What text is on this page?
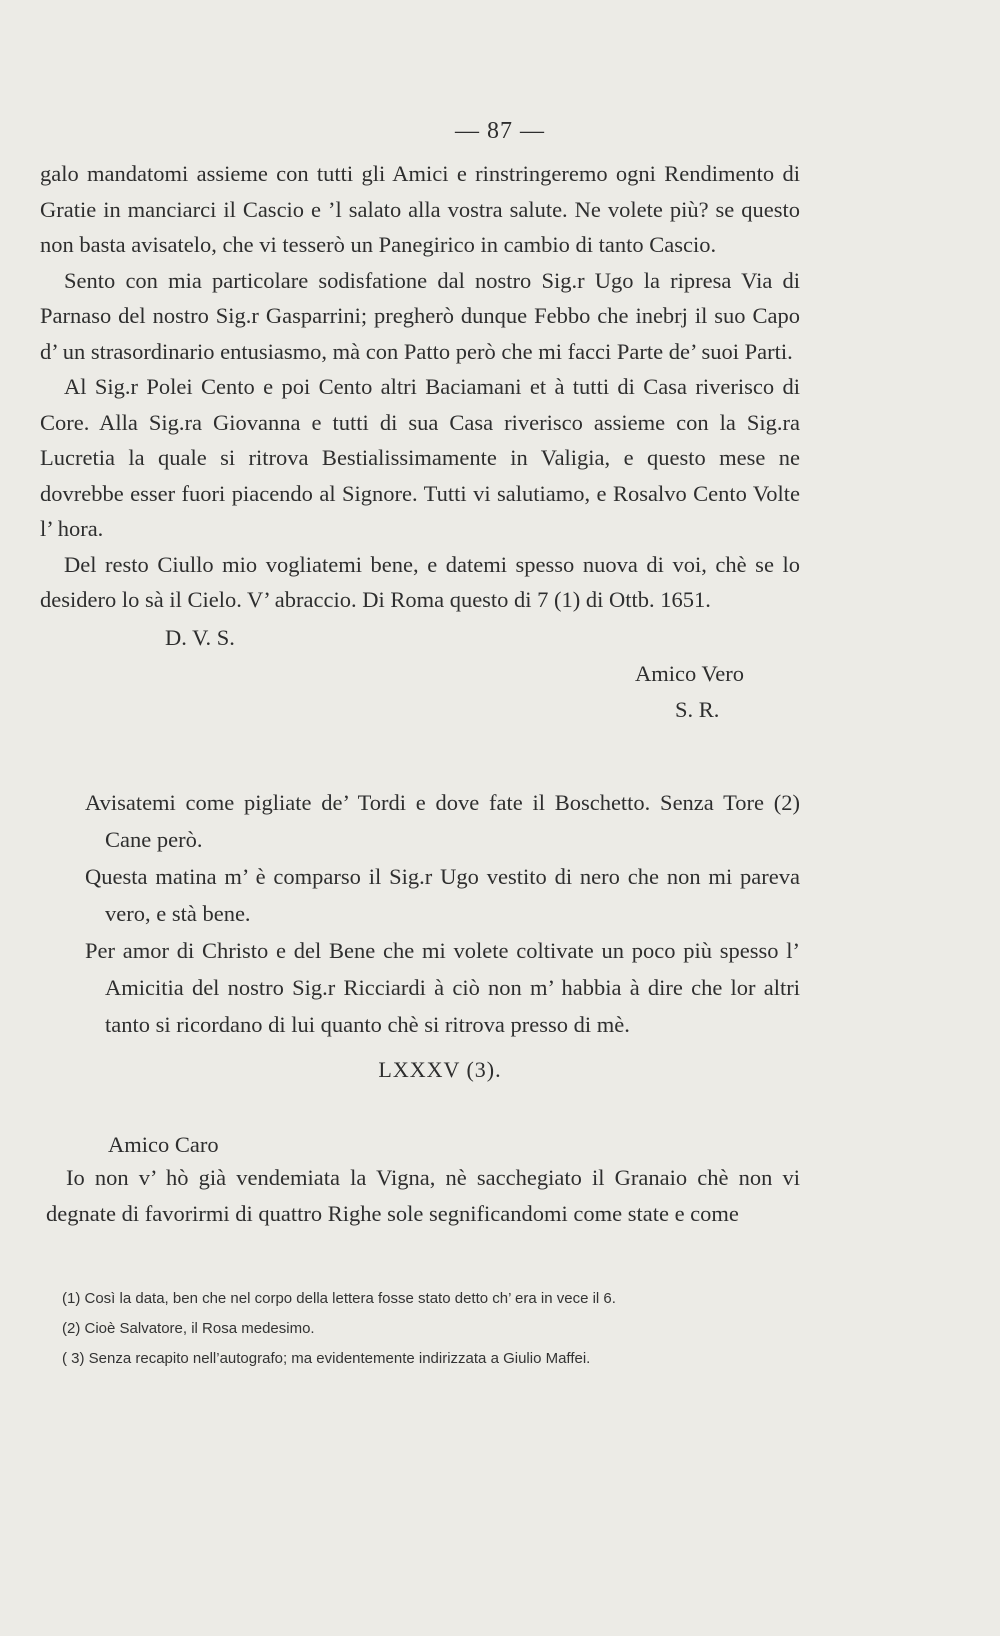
— 87 —

galo mandatomi assieme con tutti gli Amici e rinstringeremo ogni Rendimento di Gratie in manciarci il Cascio e ’l salato alla vostra salute. Ne volete più? se questo non basta avisatelo, che vi tesserò un Panegirico in cambio di tanto Cascio.

Sento con mia particolare sodisfatione dal nostro Sig.r Ugo la ripresa Via di Parnaso del nostro Sig.r Gasparrini; pregherò dunque Febbo che inebrj il suo Capo d’ un strasordinario entusiasmo, mà con Patto però che mi facci Parte de’ suoi Parti.

Al Sig.r Polei Cento e poi Cento altri Baciamani et à tutti di Casa riverisco di Core. Alla Sig.ra Giovanna e tutti di sua Casa riverisco assieme con la Sig.ra Lucretia la quale si ritrova Bestialissimamente in Valigia, e questo mese ne dovrebbe esser fuori piacendo al Signore. Tutti vi salutiamo, e Rosalvo Cento Volte l’ hora.

Del resto Ciullo mio vogliatemi bene, e datemi spesso nuova di voi, chè se lo desidero lo sà il Cielo. V’ abraccio. Di Roma questo di 7 (1) di Ottb. 1651.

D. V. S.
Amico Vero
S. R.

Avisatemi come pigliate de’ Tordi e dove fate il Boschetto. Senza Tore (2) Cane però.

Questa matina m’ è comparso il Sig.r Ugo vestito di nero che non mi pareva vero, e stà bene.

Per amor di Christo e del Bene che mi volete coltivate un poco più spesso l’ Amicitia del nostro Sig.r Ricciardi à ciò non m’ habbia à dire che lor altri tanto si ricordano di lui quanto chè si ritrova presso di mè.

LXXXV (3).
Amico Caro

Io non v’ hò già vendemiata la Vigna, nè sacchegiato il Granaio chè non vi degnate di favorirmi di quattro Righe sole segnificandomi come state e come

(1) Così la data, ben che nel corpo della lettera fosse stato detto ch’ era in vece il 6.

(2) Cioè Salvatore, il Rosa medesimo.

( 3) Senza recapito nell’autografo; ma evidentemente indirizzata a Giulio Maffei.
